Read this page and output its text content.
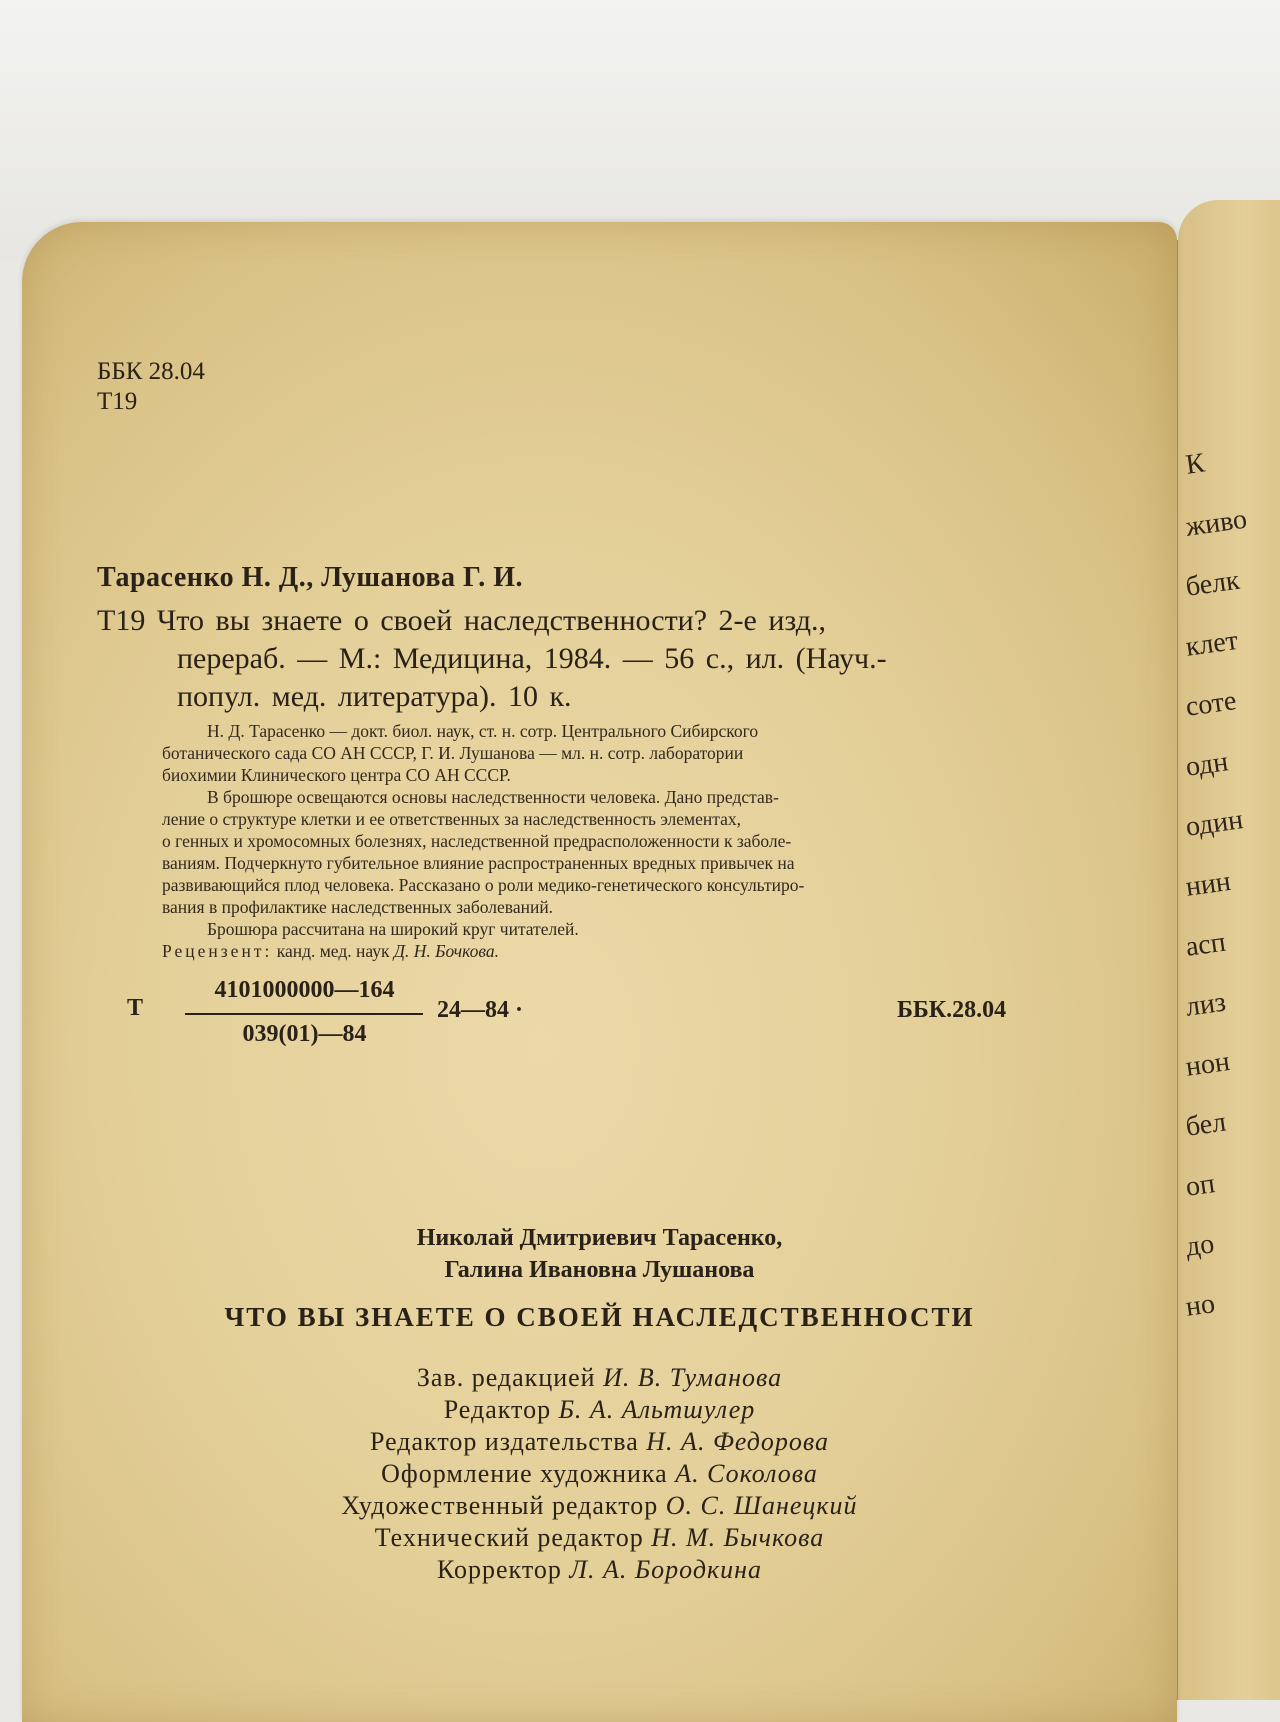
К
живо
белк
клет
соте
одн
один
нин
асп
лиз
нон
бел
оп
до
но
ББК 28.04
Т19
Тарасенко Н. Д., Лушанова Г. И.
Т19 Что вы знаете о своей наследственности? 2-е изд.,
перераб. — М.: Медицина, 1984. — 56 с., ил. (Науч.-
попул. мед. литература). 10 к.
Н. Д. Тарасенко — докт. биол. наук, ст. н. сотр. Центрального Сибирского
ботанического сада СО АН СССР, Г. И. Лушанова — мл. н. сотр. лаборатории
биохимии Клинического центра СО АН СССР.
В брошюре освещаются основы наследственности человека. Дано представ-
ление о структуре клетки и ее ответственных за наследственность элементах,
о генных и хромосомных болезнях, наследственной предрасположенности к заболе-
ваниям. Подчеркнуто губительное влияние распространенных вредных привычек на
развивающийся плод человека. Рассказано о роли медико-генетического консультиро-
вания в профилактике наследственных заболеваний.
Брошюра рассчитана на широкий круг читателей.
Рецензент: канд. мед. наук Д. Н. Бочкова.
Т
4101000000—164
039(01)—84
24—84 ·	ББК.28.04
Николай Дмитриевич Тарасенко,
Галина Ивановна Лушанова
ЧТО ВЫ ЗНАЕТЕ О СВОЕЙ НАСЛЕДСТВЕННОСТИ
Зав. редакцией И. В. Туманова
Редактор Б. А. Альтшулер
Редактор издательства Н. А. Федорова
Оформление художника А. Соколова
Художественный редактор О. С. Шанецкий
Технический редактор Н. М. Бычкова
Корректор Л. А. Бородкина
